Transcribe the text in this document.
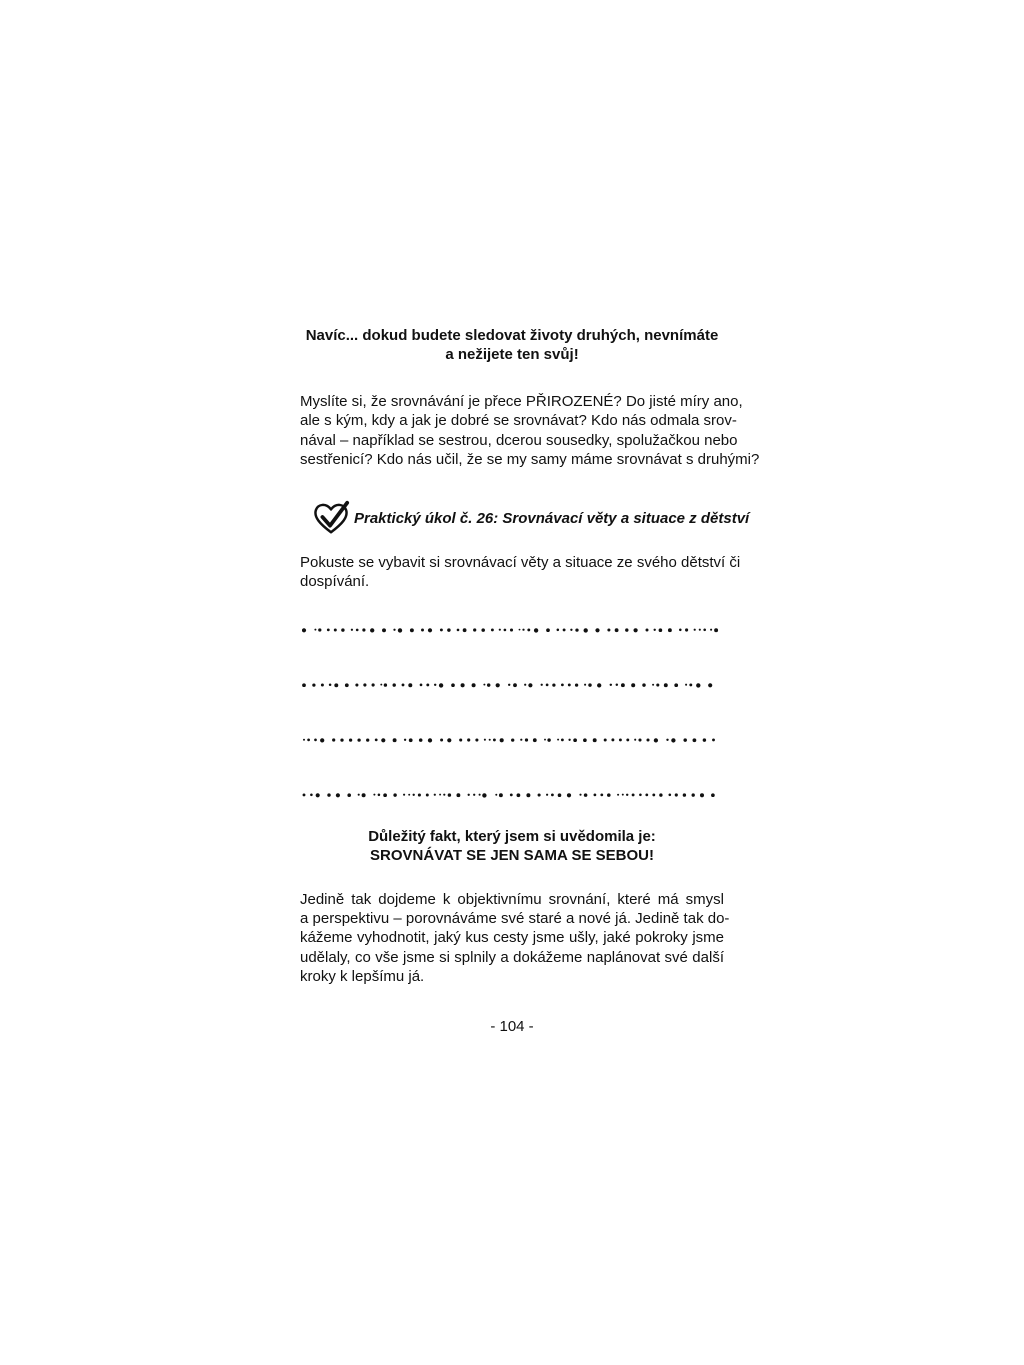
Navíc... dokud budete sledovat životy druhých, nevnímáte
a nežijete ten svůj!

Myslíte si, že srovnávání je přece PŘIROZENÉ? Do jisté míry ano,
ale s kým, kdy a jak je dobré se srovnávat? Kdo nás odmala srov-
nával – například se sestrou, dcerou sousedky, spolužačkou nebo
sestřenicí? Kdo nás učil, že se my samy máme srovnávat s druhými?

Praktický úkol č. 26: Srovnávací věty a situace z dětství

Pokuste se vybavit si srovnávací věty a situace ze svého dětství či
dospívání.

Důležitý fakt, který jsem si uvědomila je:
SROVNÁVAT SE JEN SAMA SE SEBOU!

Jedině tak dojdeme k objektivnímu srovnání, které má smysl
a perspektivu – porovnáváme své staré a nové já. Jedině tak do-
kážeme vyhodnotit, jaký kus cesty jsme ušly, jaké pokroky jsme
udělaly, co vše jsme si splnily a dokážeme naplánovat své další
kroky k lepšímu já.

- 104 -
